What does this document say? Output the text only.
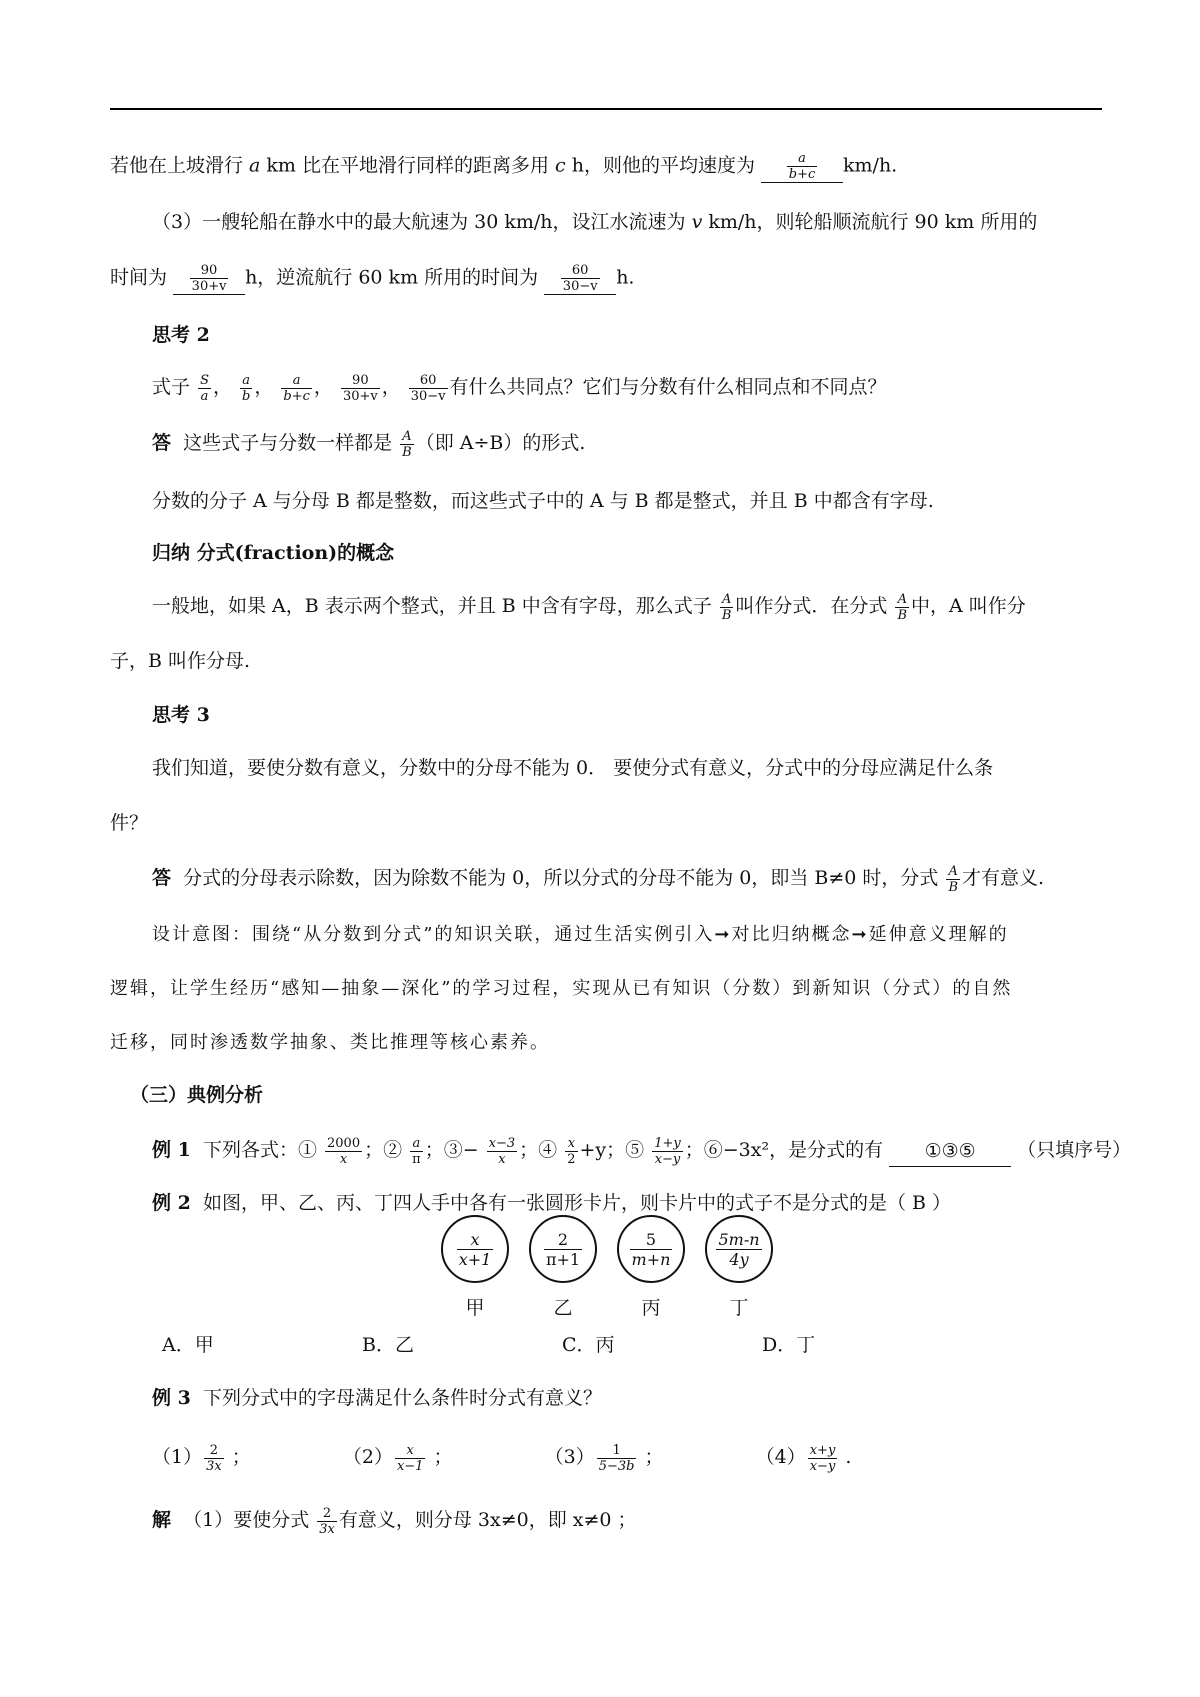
若他在上坡滑行 a km 比在平地滑行同样的距离多用 c h，则他的平均速度为 $\frac{a}{b+c} km/h$.
（3）一艘轮船在静水中的最大航速为 30 km/h，设江水流速为 v km/h，则轮船顺流航行 90 km 所用的
时间为 $\frac{90}{30+v}$ h，逆流航行 60 km 所用的时间为 $\frac{60}{30-v} h$.
思考 2
式子 $\frac{S}{a}$ ， $\frac{a}{b}$ ， $\frac{a}{b+c}$ ， $\frac{90}{30+v}$ ， $\frac{60}{30-v}$ 有什么共同点？它们与分数有什么相同点和不同点？
答 这些式子与分数一样都是 $\frac{A}{B}$ （即 A÷B）的形式.
分数的分子 A 与分母 B 都是整数，而这些式子中的 A 与 B 都是整式，并且 B 中都含有字母.
归纳 分式(fraction)的概念
一般地，如果 A，B 表示两个整式，并且 B 中含有字母，那么式子 $\frac{A}{B}$ 叫作分式．在分式 $\frac{A}{B}$ 中，A 叫作分
子，B 叫作分母.
思考 3
我们知道，要使分数有意义，分数中的分母不能为 0． 要使分式有意义，分式中的分母应满足什么条
件？
答 分式的分母表示除数，因为除数不能为 0，所以分式的分母不能为 0，即当 B≠0 时，分式 $\frac{A}{B}$ 才有意义.
设计意图：围绕“从分数到分式”的知识关联，通过生活实例引入➞对比归纳概念➞延伸意义理解的
逻辑，让学生经历“感知—抽象—深化”的学习过程，实现从已有知识（分数）到新知识（分式）的自然
迁移，同时渗透数学抽象、类比推理等核心素养。
（三）典例分析
例 1 下列各式：① $\frac{2000}{x}$ ；② $\frac{a}{\pi}$ ；③− $\frac{x-3}{x}$ ；④ $\frac{x}{2} +y$；⑤ $\frac{1+y}{x-y}$ ；⑥−3x²，是分式的有 ①③⑤ （只填序号）
例 2 如图，甲、乙、丙、丁四人手中各有一张圆形卡片，则卡片中的式子不是分式的是（ B ）
$\frac{x}{x+1}$
甲
$\frac{2}{\pi+1}$
乙
$\frac{5}{m+n}$
丙
$\frac{5m-n}{4y}$
丁
A．甲	B．乙	C．丙	D．丁
例 3 下列分式中的字母满足什么条件时分式有意义？
$(1) \frac{2}{3x}$ ；	$(2) \frac{x}{x-1}$ ；	$(3) \frac{1}{5-3b}$ ；	$(4) \frac{x+y}{x-y}$ .
解 （1）要使分式 $\frac{2}{3x}$ 有意义，则分母 3x≠0，即 x≠0 ；
